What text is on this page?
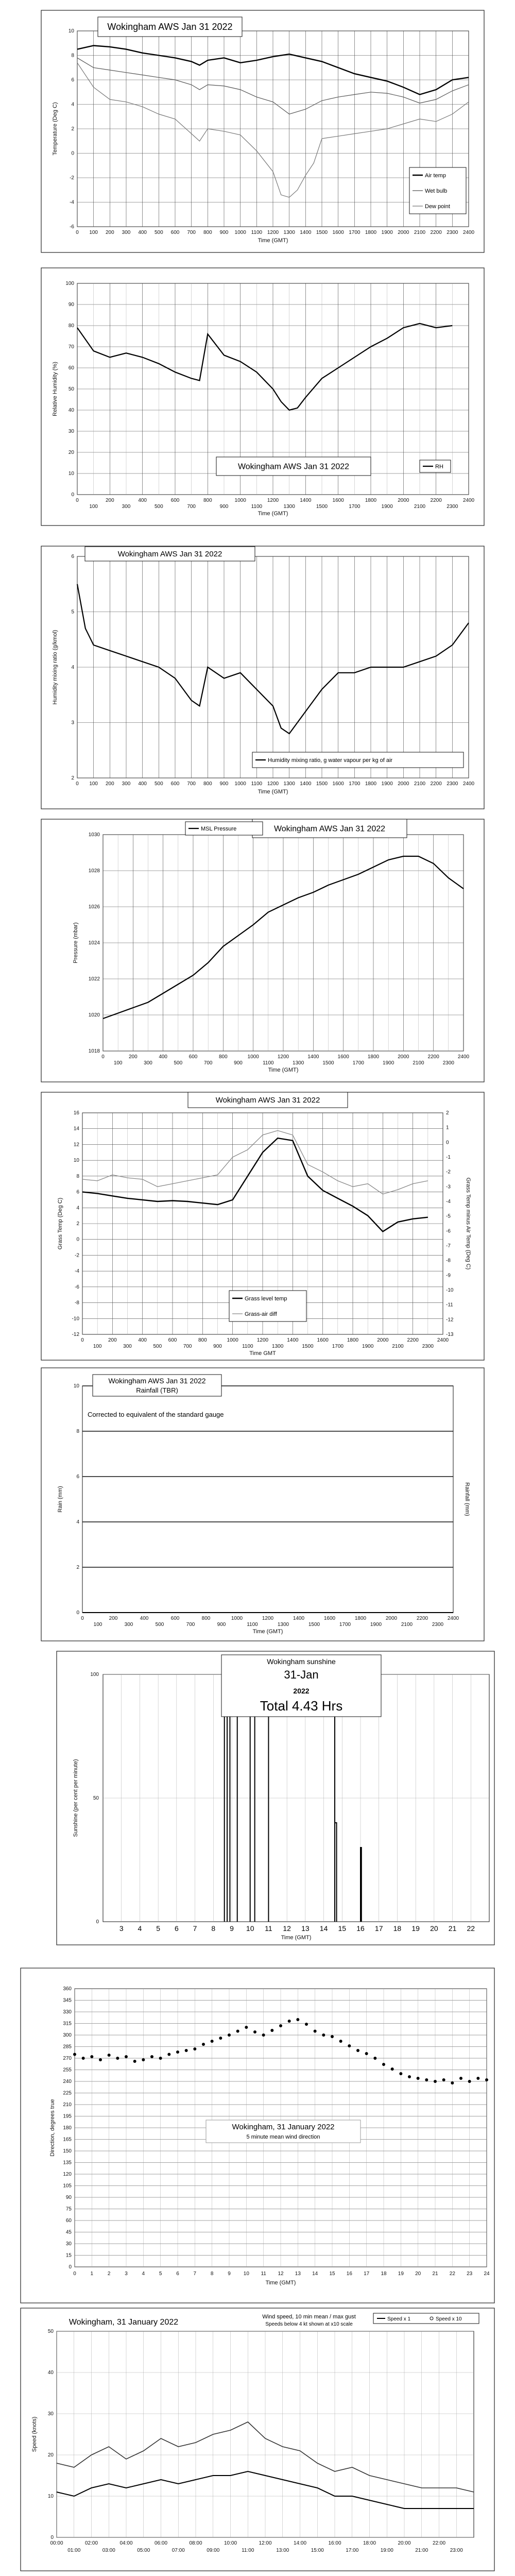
-6
-4
-2
0
2
4
6
8
10
0 100 200 300 400 500 600 700 800 900 1000 1100 1200 1300 1400 1500 1600 1700 1800 1900 2000 2100 2200 2300 2400
Time (GMT)
Temperature (Deg C)
Wokingham AWS Jan 31 2022
Air temp
Wet bulb
Dew point
0
10
20
30
40
50
60
70
80
90
100
0	200	400	600	800	1000	1200	1400	1600	1800	2000	2200	2400
100	300	500	700	900	1100	1300	1500	1700	1900	2100	2300
Time (GMT)
Relative Humidity (%)
Wokingham AWS Jan 31 2022	RH
2
3
4
5
6
0 100 200 300 400 500 600 700 800 900 1000 1100 1200 1300 1400 1500 1600 1700 1800 1900 2000 2100 2200 2300 2400
Time (GMT)
Humidity mixing ratio (g/kmol)
Wokingham AWS Jan 31 2022
Humidity mixing ratio, g water vapour per kg of air
1018
1020
1022
1024
1026
1028
1030
0	200	400	600	800	1000	1200	1400	1600	1800	2000	2200	2400
100	300	500	700	900	1100	1300	1500	1700	1900	2100	2300
Time (GMT)
Pressure (mbar)
Wokingham AWS Jan 31 2022
MSL Pressure
-12
-10
-8
-6
-4
-2
0
2
4
6
8
10
12
14
16
-13
-12
-11
-10
-9
-8
-7
-6
-5
-4
-3
-2
-1
0
1
2
0	200	400	600	800	1000	1200	1400	1600	1800	2000	2200	2400
100	300	500	700	900	1100	1300	1500	1700	1900	2100	2300
Time GMT
Grass Temp (Deg C)	Grass Temp minus Air Temp (Deg C)
Wokingham AWS Jan 31 2022
Grass level temp
Grass-air diff
0
2
4
6
8
10
0	200	400	600	800	1000	1200	1400	1600	1800	2000	2200	2400
100	300	500	700	900	1100	1300	1500	1700	1900	2100	2300
Time (GMT)
Rain (mm)	Rainfall (mm)
Wokingham AWS Jan 31 2022
Rainfall (TBR)
Corrected to equivalent of the standard gauge
0
50
100
3 4 5 6 7 8 9 10 11 12 13 14 15 16 17 18 19 20 21 22
Time (GMT)
Sunshine (per cent per minute)
Wokingham sunshine
31-Jan
2022
Total 4.43 Hrs
0
15
30
45
60
75
90
105
120
135
150
165
180
195
210
225
240
255
270
285
300
315
330
345
360
0	1	2	3	4	5	6	7	8	9 10 11 12 13 14 15 16 17 18 19 20 21 22 23 24
Time (GMT)
Direction, degrees true	Wokingham, 31 January 2022
5 minute mean wind direction
0
10
20
30
40
50
00:00	02:00	04:00	06:00	08:00	10:00	12:00	14:00	16:00	18:00	20:00	22:00
01:00	03:00	05:00	07:00	09:00	11:00	13:00	15:00	17:00	19:00	21:00	23:00
Speed (knots)
Wokingham, 31 January 2022
Wind speed, 10 min mean / max gust
Speeds below 4 kt shown at x10 scale
Speed x 1	Speed x 10
